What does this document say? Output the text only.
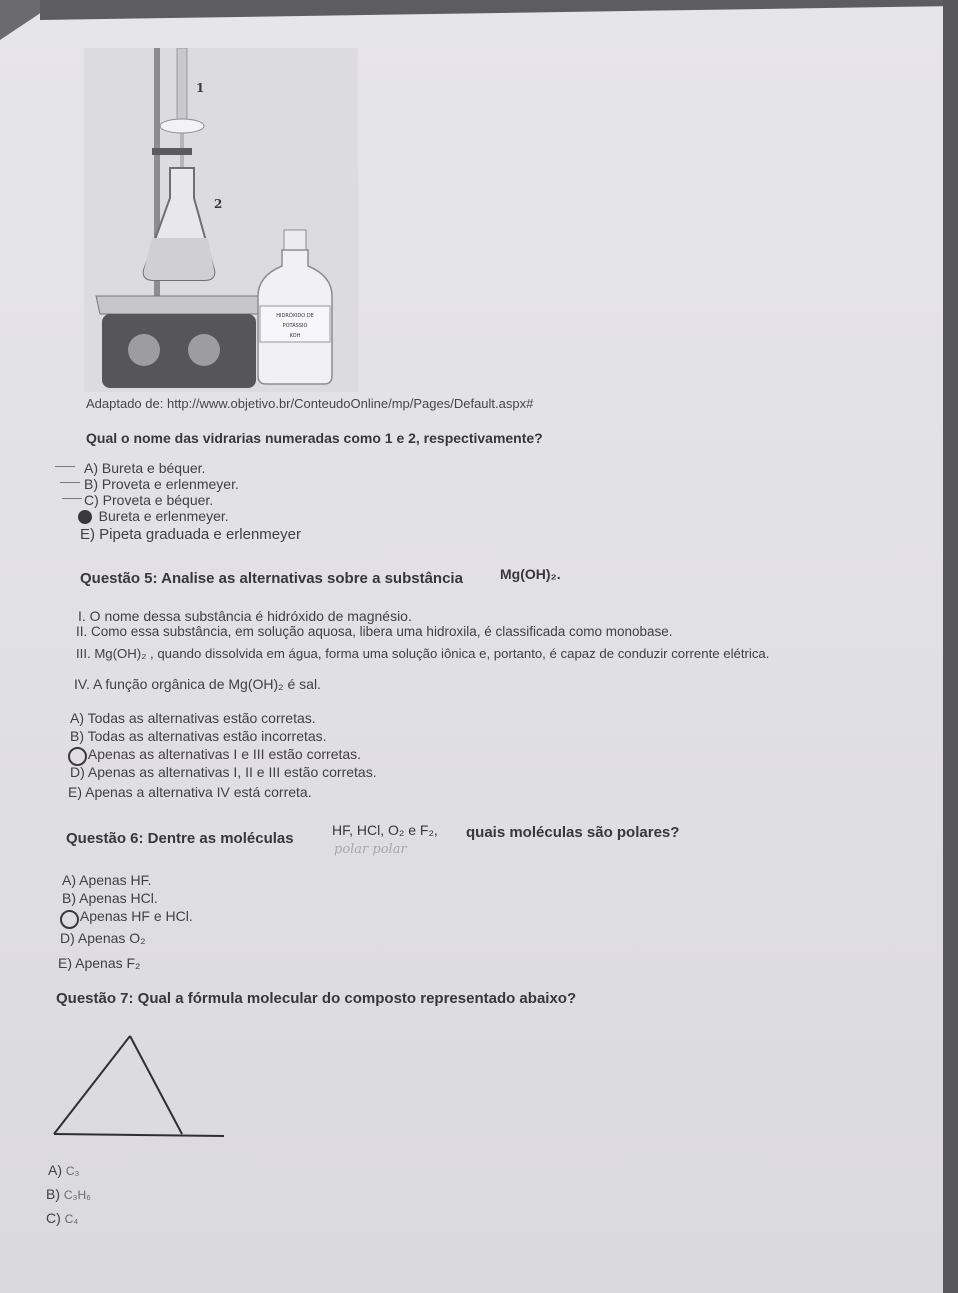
1
2
HIDRÓXIDO DE
POTÁSSIO
KOH
Adaptado de: http://www.objetivo.br/ConteudoOnline/mp/Pages/Default.aspx#
Qual o nome das vidrarias numeradas como 1 e 2, respectivamente?
A) Bureta e béquer.
B) Proveta e erlenmeyer.
C) Proveta e béquer.
Bureta e erlenmeyer.
E) Pipeta graduada e erlenmeyer
Questão 5: Analise as alternativas sobre a substância	Mg(OH)₂.
I. O nome dessa substância é hidróxido de magnésio.
II. Como essa substância, em solução aquosa, libera uma hidroxila, é classificada como monobase.
III. Mg(OH)₂ , quando dissolvida em água, forma uma solução iônica e, portanto, é capaz de conduzir corrente elétrica.
IV. A função orgânica de Mg(OH)₂ é sal.
A) Todas as alternativas estão corretas.
B) Todas as alternativas estão incorretas.
Apenas as alternativas I e III estão corretas.
D) Apenas as alternativas I, II e III estão corretas.
E) Apenas a alternativa IV está correta.
Questão 6: Dentre as moléculas	HF, HCl, O₂ e F₂, quais moléculas são polares?
polar polar
A) Apenas HF.
B) Apenas HCl.
Apenas HF e HCl.
D) Apenas O₂
E) Apenas F₂
Questão 7: Qual a fórmula molecular do composto representado abaixo?
A) C₃
B) C₃H₆
C) C₄
